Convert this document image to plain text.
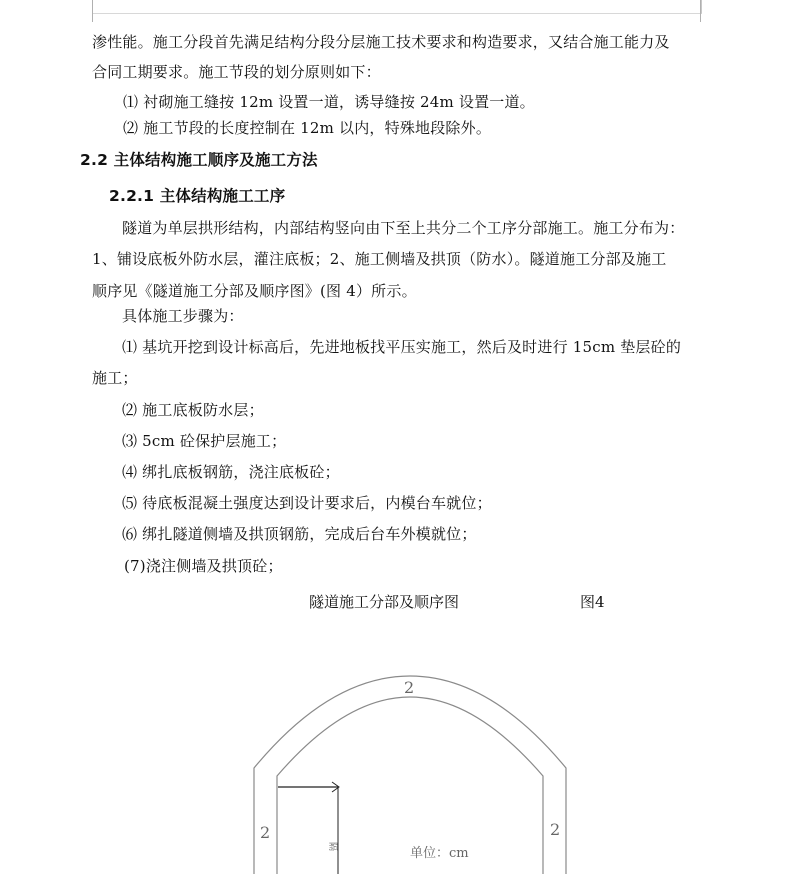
渗性能。施工分段首先满足结构分段分层施工技术要求和构造要求，又结合施工能力及
合同工期要求。施工节段的划分原则如下：
⑴ 衬砌施工缝按 12m 设置一道，诱导缝按 24m 设置一道。
⑵ 施工节段的长度控制在 12m 以内，特殊地段除外。
2.2 主体结构施工顺序及施工方法
2.2.1 主体结构施工工序
隧道为单层拱形结构，内部结构竖向由下至上共分二个工序分部施工。施工分布为：
1、铺设底板外防水层，灌注底板；2、施工侧墙及拱顶（防水）。隧道施工分部及施工
顺序见《隧道施工分部及顺序图》(图 4）所示。
具体施工步骤为：
⑴ 基坑开挖到设计标高后，先进地板找平压实施工，然后及时进行 15cm 垫层砼的
施工；
⑵ 施工底板防水层；
⑶ 5cm 砼保护层施工；
⑷ 绑扎底板钢筋，浇注底板砼；
⑸ 待底板混凝土强度达到设计要求后，内模台车就位；
⑹ 绑扎隧道侧墙及拱顶钢筋，完成后台车外模就位；
(7)浇注侧墙及拱顶砼；
隧道施工分部及顺序图	图4
2
2	2
单位：cm
隔
